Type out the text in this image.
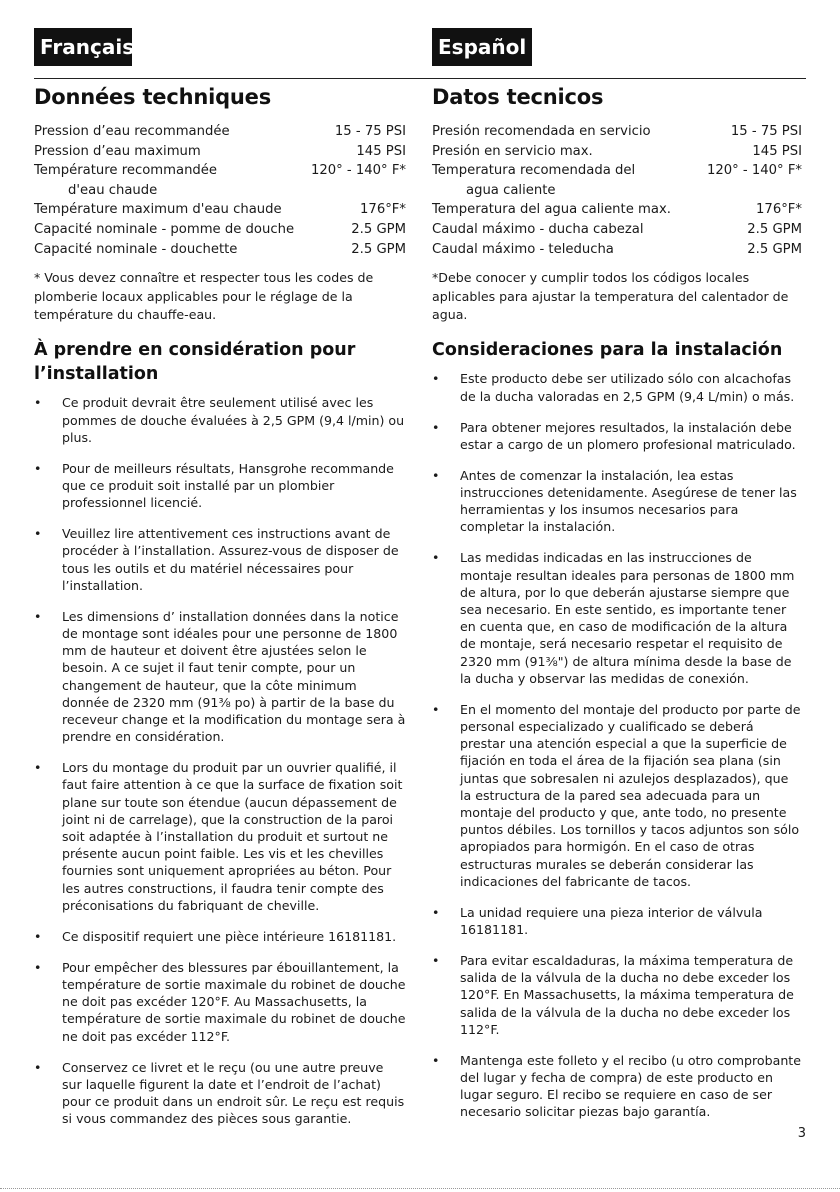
Français	Español
Données techniques
Pression d’eau recommandée	15 - 75 PSI
Pression d’eau maximum	145 PSI
Température recommandée	120° - 140° F*
d'eau chaude
Température maximum d'eau chaude	176°F*
Capacité nominale - pomme de douche	2.5 GPM
Capacité nominale - douchette	2.5 GPM
* Vous devez connaître et respecter tous les codes de plomberie locaux applicables pour le réglage de la température du chauffe-eau.
À prendre en considération pour l’installation
• Ce produit devrait être seulement utilisé avec les pommes de douche évaluées à 2,5 GPM (9,4 l/min) ou plus.
• Pour de meilleurs résultats, Hansgrohe recommande que ce produit soit installé par un plombier professionnel licencié.
• Veuillez lire attentivement ces instructions avant de procéder à l’installation. Assurez-vous de disposer de tous les outils et du matériel nécessaires pour l’installation.
• Les dimensions d’ installation données dans la notice de montage sont idéales pour une personne de 1800 mm de hauteur et doivent être ajustées selon le besoin. A ce sujet il faut tenir compte, pour un changement de hauteur, que la côte minimum donnée de 2320 mm (91⅜ po) à partir de la base du receveur change et la modification du montage sera à prendre en considération.
• Lors du montage du produit par un ouvrier qualifié, il faut faire attention à ce que la surface de fixation soit plane sur toute son étendue (aucun dépassement de joint ni de carrelage), que la construction de la paroi soit adaptée à l’installation du produit et surtout ne présente aucun point faible. Les vis et les chevilles fournies sont uniquement apropriées au béton. Pour les autres constructions, il faudra tenir compte des préconisations du fabriquant de cheville.
• Ce dispositif requiert une pièce intérieure 16181181.
• Pour empêcher des blessures par ébouillantement, la température de sortie maximale du robinet de douche ne doit pas excéder 120°F. Au Massachusetts, la température de sortie maximale du robinet de douche ne doit pas excéder 112°F.
• Conservez ce livret et le reçu (ou une autre preuve sur laquelle figurent la date et l’endroit de l’achat) pour ce produit dans un endroit sûr. Le reçu est requis si vous commandez des pièces sous garantie.
Datos tecnicos
Presión recomendada en servicio	15 - 75 PSI
Presión en servicio max.	145 PSI
Temperatura recomendada del	120° - 140° F*
agua caliente
Temperatura del agua caliente max.	176°F*
Caudal máximo - ducha cabezal	2.5 GPM
Caudal máximo - teleducha	2.5 GPM
*Debe conocer y cumplir todos los códigos locales aplicables para ajustar la temperatura del calentador de agua.
Consideraciones para la instalación
• Este producto debe ser utilizado sólo con alcachofas de la ducha valoradas en 2,5 GPM (9,4 L/min) o más.
• Para obtener mejores resultados, la instalación debe estar a cargo de un plomero profesional matriculado.
• Antes de comenzar la instalación, lea estas instrucciones detenidamente. Asegúrese de tener las herramientas y los insumos necesarios para completar la instalación.
• Las medidas indicadas en las instrucciones de montaje resultan ideales para personas de 1800 mm de altura, por lo que deberán ajustarse siempre que sea necesario. En este sentido, es importante tener en cuenta que, en caso de modificación de la altura de montaje, será necesario respetar el requisito de 2320 mm (91⅜") de altura mínima desde la base de la ducha y observar las medidas de conexión.
• En el momento del montaje del producto por parte de personal especializado y cualificado se deberá prestar una atención especial a que la superficie de fijación en toda el área de la fijación sea plana (sin juntas que sobresalen ni azulejos desplazados), que la estructura de la pared sea adecuada para un montaje del producto y que, ante todo, no presente puntos débiles. Los tornillos y tacos adjuntos son sólo apropiados para hormigón. En el caso de otras estructuras murales se deberán considerar las indicaciones del fabricante de tacos.
• La unidad requiere una pieza interior de válvula 16181181.
• Para evitar escaldaduras, la máxima temperatura de salida de la válvula de la ducha no debe exceder los 120°F. En Massachusetts, la máxima temperatura de salida de la válvula de la ducha no debe exceder los 112°F.
• Mantenga este folleto y el recibo (u otro comprobante del lugar y fecha de compra) de este producto en lugar seguro. El recibo se requiere en caso de ser necesario solicitar piezas bajo garantía.
3
